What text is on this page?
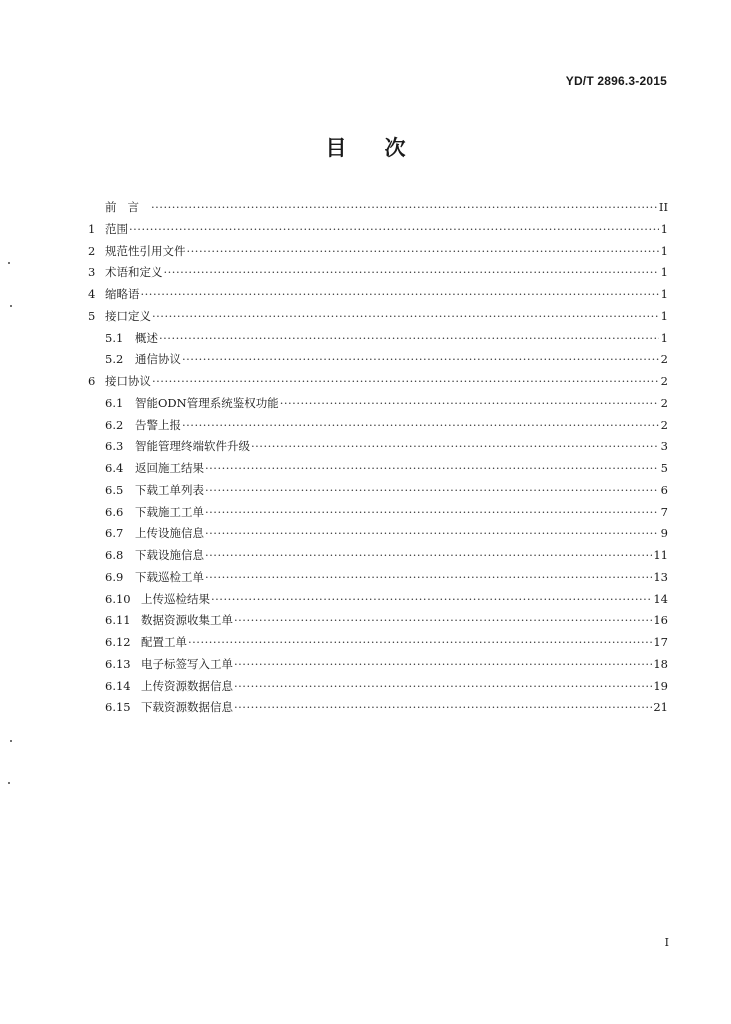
YD/T 2896.3-2015
目 次
前言 ·····	II
1 范围 ·····	1
2 规范性引用文件 ·····	1
3 术语和定义 ·····	1
4 缩略语 ·····	1
5 接口定义 ·····	1
5.1	概述 ·····	1
5.2	通信协议 ·····	2
6 接口协议 ·····	2
6.1	智能ODN管理系统鉴权功能 ·····	2
6.2	告警上报 ·····	2
6.3	智能管理终端软件升级 ·····	3
6.4	返回施工结果 ·····	5
6.5	下载工单列表 ·····	6
6.6	下载施工工单 ·····	7
6.7	上传设施信息 ·····	9
6.8	下载设施信息 ·····	11
6.9	下载巡检工单 ·····	13
6.10 上传巡检结果 ·····	14
6.11 数据资源收集工单 ·····	16
6.12 配置工单 ·····	17
6.13 电子标签写入工单 ·····	18
6.14 上传资源数据信息 ·····	19
6.15 下载资源数据信息 ·····	21
I
